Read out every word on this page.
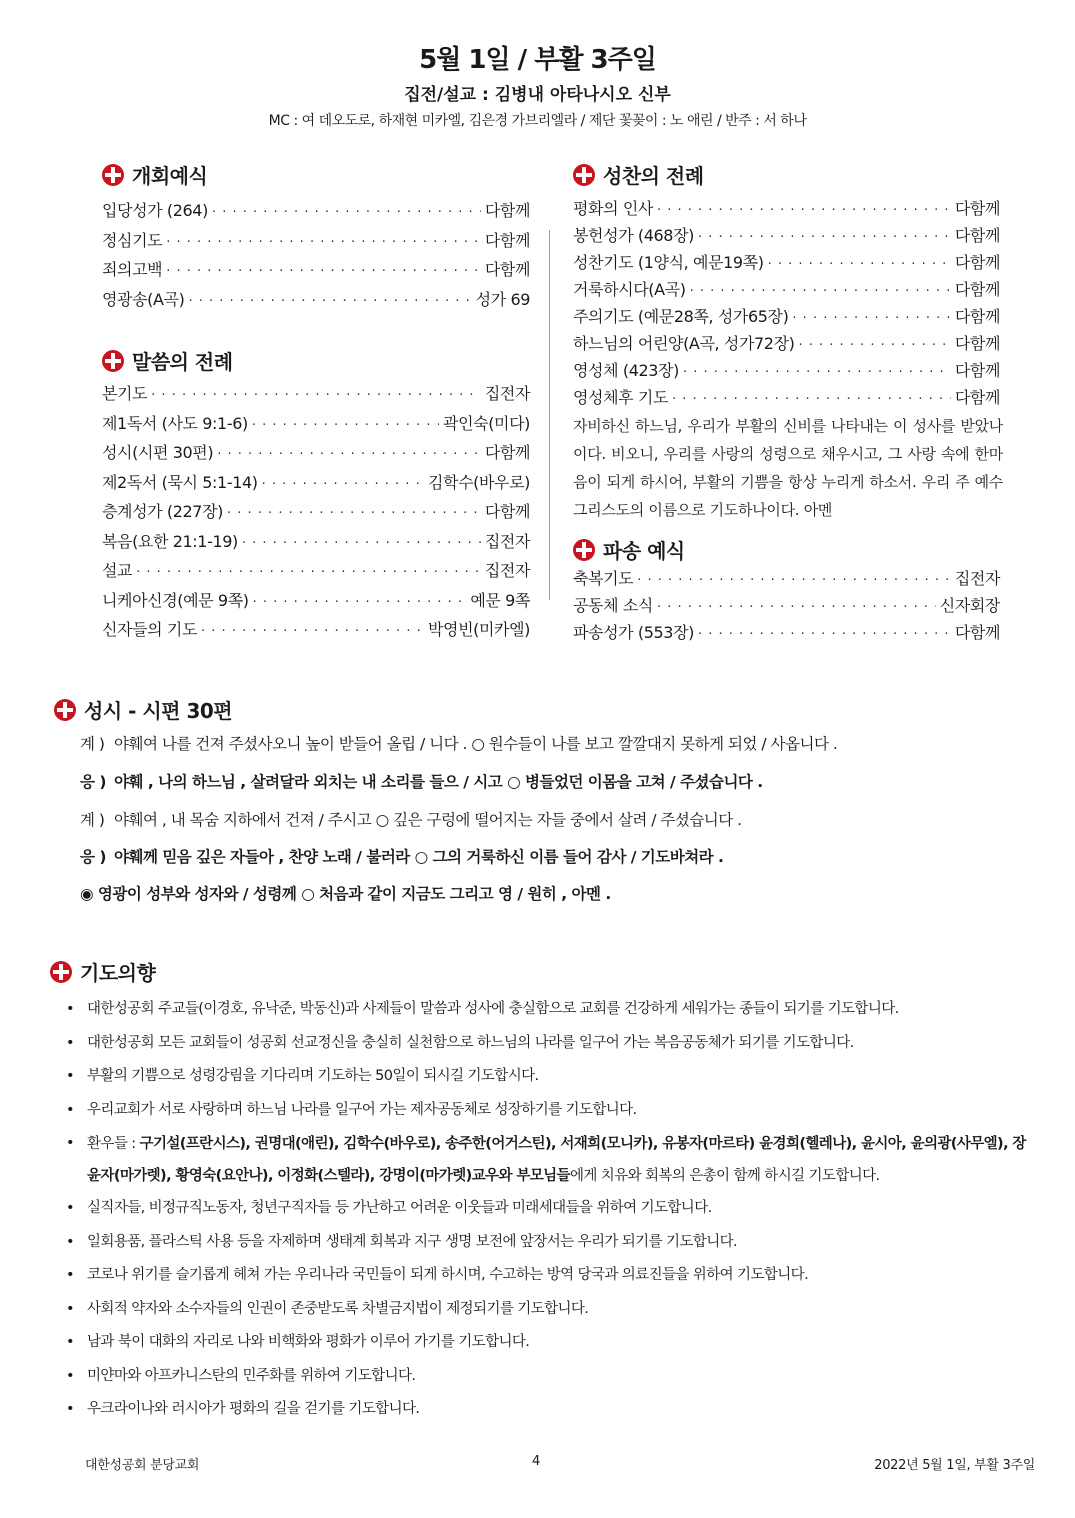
5월 1일 / 부활 3주일
집전/설교 : 김병내 아타나시오 신부
MC : 여 데오도로, 하재현 미카엘, 김은경 가브리엘라 / 제단 꽃꽂이 : 노 애린 / 반주 : 서 하나
개회예식
입당성가 (264) · · ·	다함께
정심기도 · · ·	다함께
죄의고백 · · ·	다함께
영광송(A곡) · · ·	성가 69
말씀의 전례
본기도 · · ·	집전자
제1독서 (사도 9:1-6) · · ·	곽인숙(미다)
성시(시편 30편) · · ·	다함께
제2독서 (묵시 5:1-14) · · ·	김학수(바우로)
층계성가 (227장) · · ·	다함께
복음(요한 21:1-19) · · ·	집전자
설교 · · ·	집전자
니케아신경(예문 9쪽) · · ·	예문 9쪽
신자들의 기도 · · ·	박영빈(미카엘)
성찬의 전례
평화의 인사 · · ·	다함께
봉헌성가 (468장) · · ·	다함께
성찬기도 (1양식, 예문19쪽) · · ·	다함께
거룩하시다(A곡) · · ·	다함께
주의기도 (예문28쪽, 성가65장) · · ·	다함께
하느님의 어린양(A곡, 성가72장) · · ·	다함께
영성체 (423장) · · ·	다함께
영성체후 기도 · · ·	다함께
자비하신 하느님, 우리가 부활의 신비를 나타내는 이 성사를 받았나이다. 비오니, 우리를 사랑의 성령으로 채우시고, 그 사랑 속에 한마음이 되게 하시어, 부활의 기쁨을 항상 누리게 하소서. 우리 주 예수 그리스도의 이름으로 기도하나이다. 아멘
파송 예식
축복기도 · · ·	집전자
공동체 소식 · · ·	신자회장
파송성가 (553장) · · ·	다함께
성시 - 시편 30편
계 ) 야훼여 나를 건져 주셨사오니 높이 받들어 올립 / 니다 . ○ 원수들이 나를 보고 깔깔대지 못하게 되었 / 사옵니다 .
응 ) 야훼 , 나의 하느님 , 살려달라 외치는 내 소리를 들으 / 시고 ○ 병들었던 이몸을 고쳐 / 주셨습니다 .
계 ) 야훼여 , 내 목숨 지하에서 건져 / 주시고 ○ 깊은 구렁에 떨어지는 자들 중에서 살려 / 주셨습니다 .
응 ) 야훼께 믿음 깊은 자들아 , 찬양 노래 / 불러라 ○ 그의 거룩하신 이름 들어 감사 / 기도바쳐라 .
◉ 영광이 성부와 성자와 / 성령께 ○ 처음과 같이 지금도 그리고 영 / 원히 , 아멘 .
기도의향
• 대한성공회 주교들(이경호, 유낙준, 박동신)과 사제들이 말씀과 성사에 충실함으로 교회를 건강하게 세워가는 종들이 되기를 기도합니다.
• 대한성공회 모든 교회들이 성공회 선교정신을 충실히 실천함으로 하느님의 나라를 일구어 가는 복음공동체가 되기를 기도합니다.
• 부활의 기쁨으로 성령강림을 기다리며 기도하는 50일이 되시길 기도합시다.
• 우리교회가 서로 사랑하며 하느님 나라를 일구어 가는 제자공동체로 성장하기를 기도합니다.
• 환우들 : 구기설(프란시스), 권명대(애린), 김학수(바우로), 송주한(어거스틴), 서재희(모니카), 유봉자(마르타) 윤경희(헬레나), 윤시아, 윤의광(사무엘), 장윤자(마가렛), 황영숙(요안나), 이정화(스텔라), 강명이(마가렛)교우와 부모님들에게 치유와 회복의 은총이 함께 하시길 기도합니다.
• 실직자들, 비정규직노동자, 청년구직자들 등 가난하고 어려운 이웃들과 미래세대들을 위하여 기도합니다.
• 일회용품, 플라스틱 사용 등을 자제하며 생태계 회복과 지구 생명 보전에 앞장서는 우리가 되기를 기도합니다.
• 코로나 위기를 슬기롭게 헤쳐 가는 우리나라 국민들이 되게 하시며, 수고하는 방역 당국과 의료진들을 위하여 기도합니다.
• 사회적 약자와 소수자들의 인권이 존중받도록 차별금지법이 제정되기를 기도합니다.
• 남과 북이 대화의 자리로 나와 비핵화와 평화가 이루어 가기를 기도합니다.
• 미얀마와 아프카니스탄의 민주화를 위하여 기도합니다.
• 우크라이나와 러시아가 평화의 길을 걷기를 기도합니다.
대한성공회 분당교회	4	2022년 5월 1일, 부활 3주일
